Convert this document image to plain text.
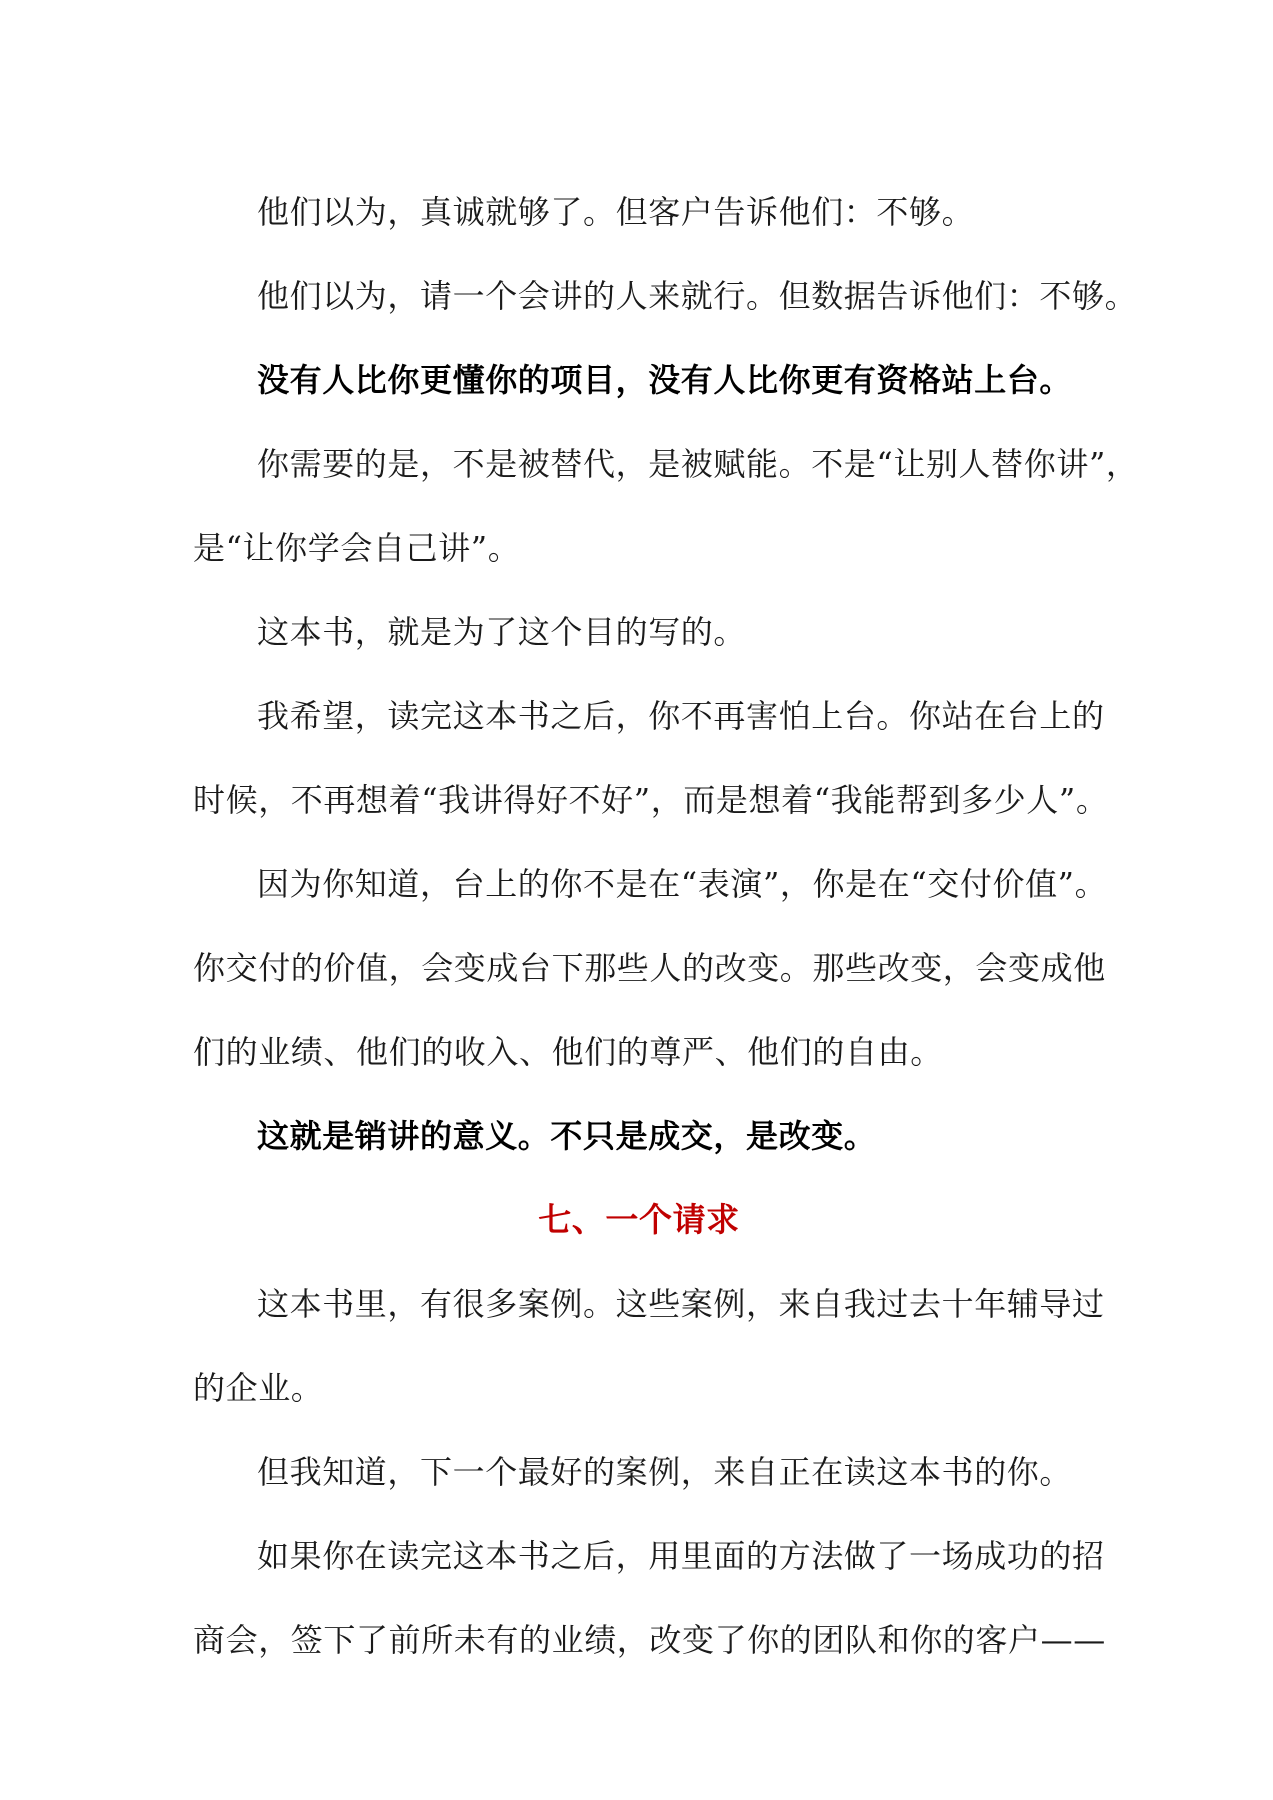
他们以为，真诚就够了。但客户告诉他们：不够。
他们以为，请一个会讲的人来就行。但数据告诉他们：不够。
没有人比你更懂你的项目，没有人比你更有资格站上台。
你需要的是，不是被替代，是被赋能。不是“让别人替你讲”，
是“让你学会自己讲”。
这本书，就是为了这个目的写的。
我希望，读完这本书之后，你不再害怕上台。你站在台上的
时候，不再想着“我讲得好不好”，而是想着“我能帮到多少人”。
因为你知道，台上的你不是在“表演”，你是在“交付价值”。
你交付的价值，会变成台下那些人的改变。那些改变，会变成他
们的业绩、他们的收入、他们的尊严、他们的自由。
这就是销讲的意义。不只是成交，是改变。
七、一个请求
这本书里，有很多案例。这些案例，来自我过去十年辅导过
的企业。
但我知道，下一个最好的案例，来自正在读这本书的你。
如果你在读完这本书之后，用里面的方法做了一场成功的招
商会，签下了前所未有的业绩，改变了你的团队和你的客户——
